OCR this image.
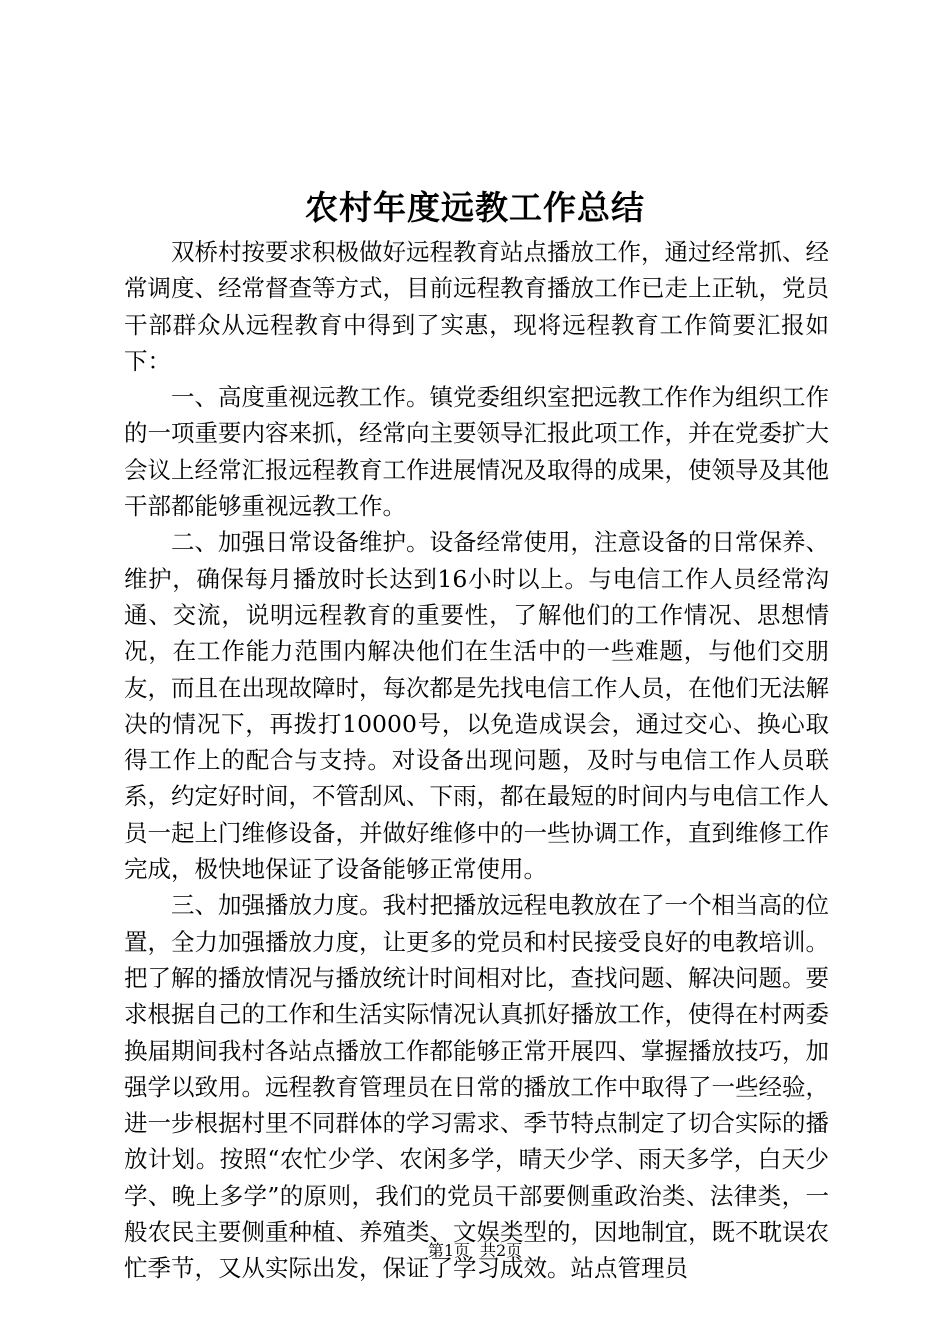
农村年度远教工作总结

双桥村按要求积极做好远程教育站点播放工作，通过经常抓、经常调度、经常督查等方式，目前远程教育播放工作已走上正轨，党员干部群众从远程教育中得到了实惠，现将远程教育工作简要汇报如下：

一、高度重视远教工作。镇党委组织室把远教工作作为组织工作的一项重要内容来抓，经常向主要领导汇报此项工作，并在党委扩大会议上经常汇报远程教育工作进展情况及取得的成果，使领导及其他干部都能够重视远教工作。

二、加强日常设备维护。设备经常使用，注意设备的日常保养、维护，确保每月播放时长达到16小时以上。与电信工作人员经常沟通、交流，说明远程教育的重要性，了解他们的工作情况、思想情况，在工作能力范围内解决他们在生活中的一些难题，与他们交朋友，而且在出现故障时，每次都是先找电信工作人员，在他们无法解决的情况下，再拨打10000号，以免造成误会，通过交心、换心取得工作上的配合与支持。对设备出现问题，及时与电信工作人员联系，约定好时间，不管刮风、下雨，都在最短的时间内与电信工作人员一起上门维修设备，并做好维修中的一些协调工作，直到维修工作完成，极快地保证了设备能够正常使用。

三、加强播放力度。我村把播放远程电教放在了一个相当高的位置，全力加强播放力度，让更多的党员和村民接受良好的电教培训。把了解的播放情况与播放统计时间相对比，查找问题、解决问题。要求根据自己的工作和生活实际情况认真抓好播放工作，使得在村两委换届期间我村各站点播放工作都能够正常开展四、掌握播放技巧，加强学以致用。远程教育管理员在日常的播放工作中取得了一些经验，进一步根据村里不同群体的学习需求、季节特点制定了切合实际的播放计划。按照“农忙少学、农闲多学，晴天少学、雨天多学，白天少学、晚上多学”的原则，我们的党员干部要侧重政治类、法律类，一般农民主要侧重种植、养殖类、文娱类型的，因地制宜，既不耽误农忙季节，又从实际出发，保证了学习成效。站点管理员

第1页 共2页
